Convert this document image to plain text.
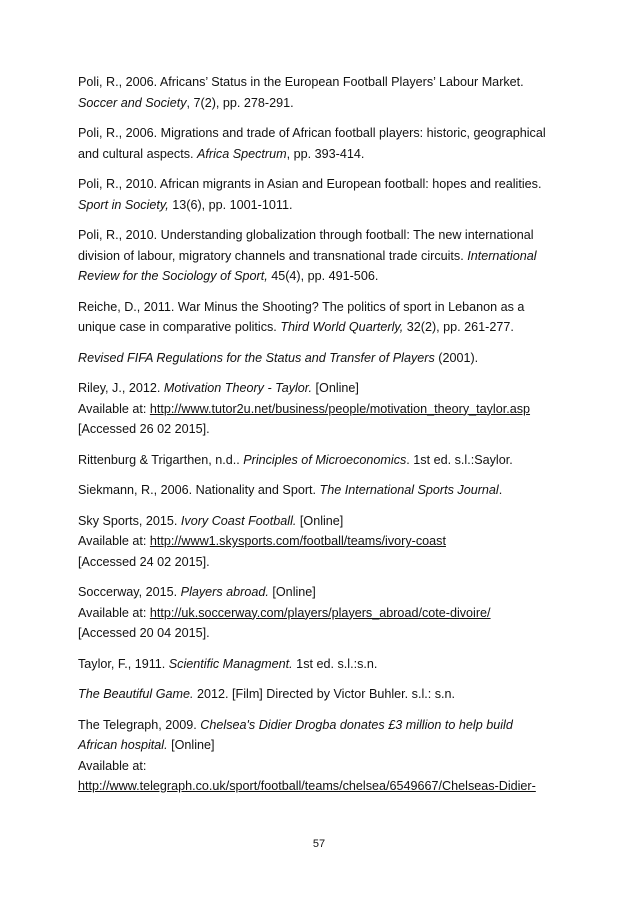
Poli, R., 2006. Africans’ Status in the European Football Players’ Labour Market.
Soccer and Society, 7(2), pp. 278-291.

Poli, R., 2006. Migrations and trade of African football players: historic, geographical
and cultural aspects. Africa Spectrum, pp. 393-414.

Poli, R., 2010. African migrants in Asian and European football: hopes and realities.
Sport in Society, 13(6), pp. 1001-1011.

Poli, R., 2010. Understanding globalization through football: The new international
division of labour, migratory channels and transnational trade circuits. International
Review for the Sociology of Sport, 45(4), pp. 491-506.

Reiche, D., 2011. War Minus the Shooting? The politics of sport in Lebanon as a
unique case in comparative politics. Third World Quarterly, 32(2), pp. 261-277.

Revised FIFA Regulations for the Status and Transfer of Players (2001).

Riley, J., 2012. Motivation Theory - Taylor. [Online]
Available at: http://www.tutor2u.net/business/people/motivation_theory_taylor.asp
[Accessed 26 02 2015].

Rittenburg & Trigarthen, n.d.. Principles of Microeconomics. 1st ed. s.l.:Saylor.

Siekmann, R., 2006. Nationality and Sport. The International Sports Journal.

Sky Sports, 2015. Ivory Coast Football. [Online]
Available at: http://www1.skysports.com/football/teams/ivory-coast
[Accessed 24 02 2015].

Soccerway, 2015. Players abroad. [Online]
Available at: http://uk.soccerway.com/players/players_abroad/cote-divoire/
[Accessed 20 04 2015].

Taylor, F., 1911. Scientific Managment. 1st ed. s.l.:s.n.

The Beautiful Game. 2012. [Film] Directed by Victor Buhler. s.l.: s.n.

The Telegraph, 2009. Chelsea's Didier Drogba donates £3 million to help build
African hospital. [Online]
Available at:
http://www.telegraph.co.uk/sport/football/teams/chelsea/6549667/Chelseas-Didier-

57
